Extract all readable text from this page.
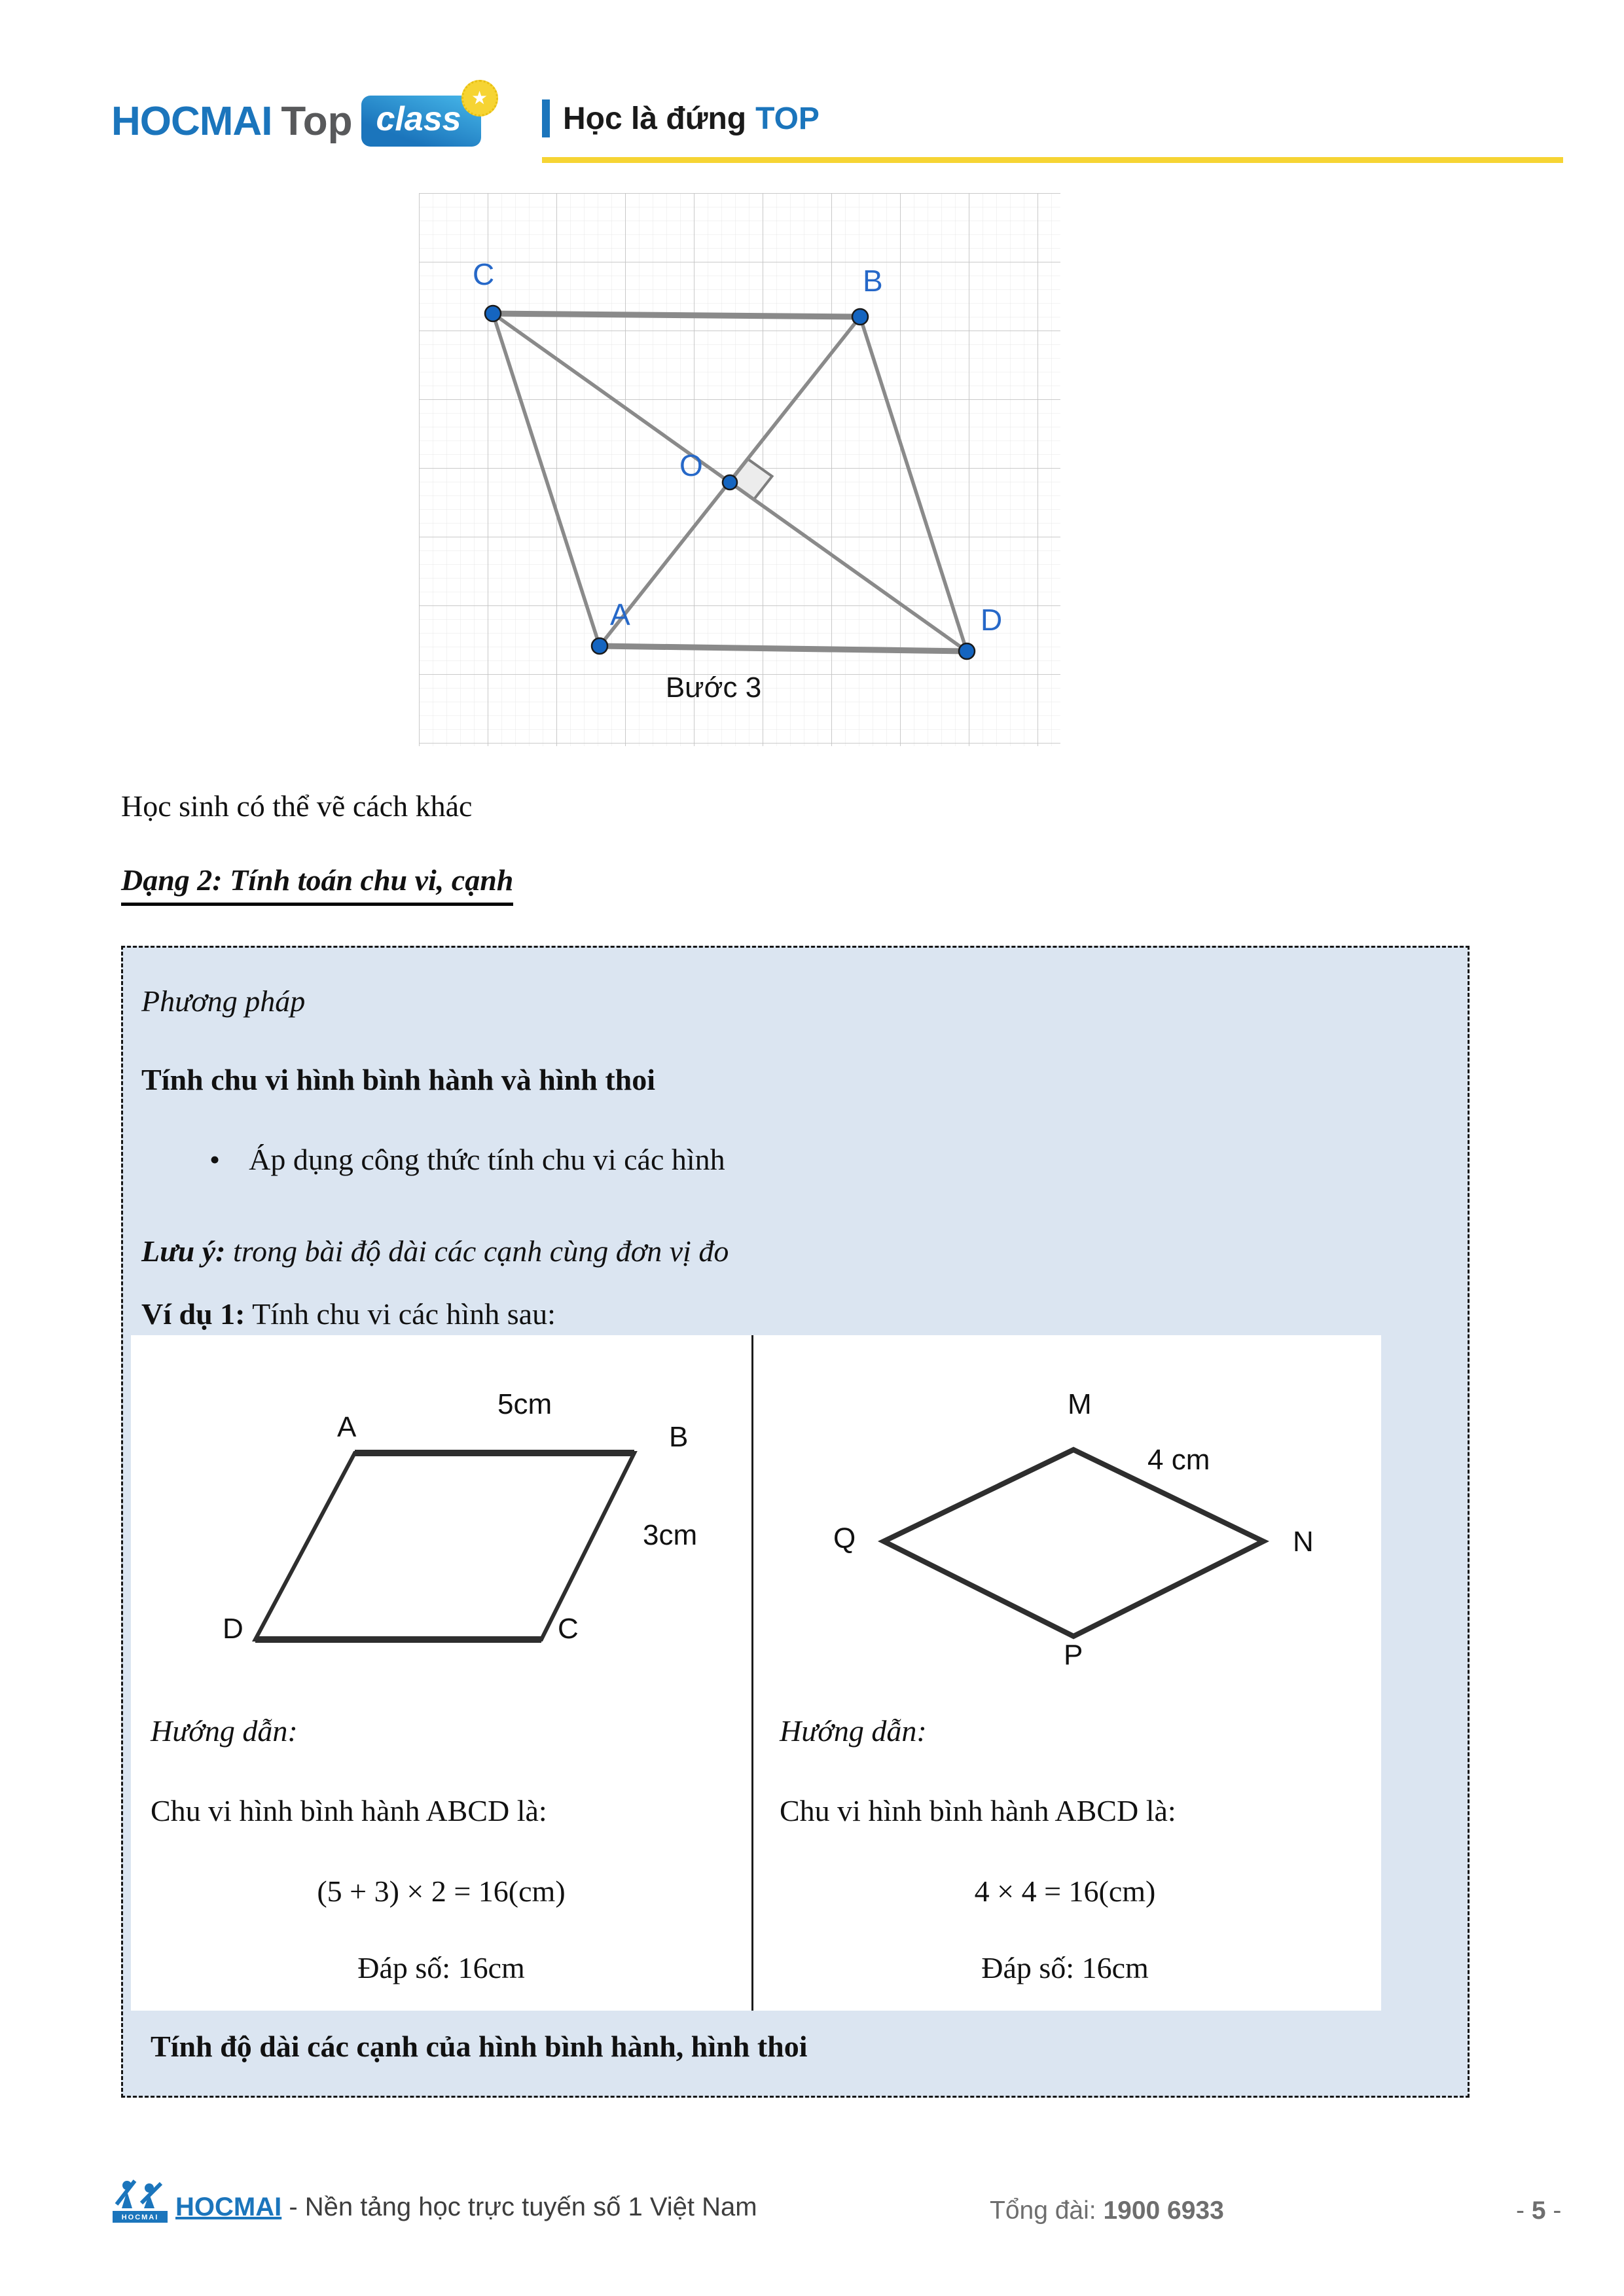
HOCMAI Top class
★
Học là đứng TOP
C	B
O
A	D
Bước 3
Học sinh có thể vẽ cách khác
Dạng 2: Tính toán chu vi, cạnh
Phương pháp
Tính chu vi hình bình hành và hình thoi
• Áp dụng công thức tính chu vi các hình
Lưu ý: trong bài độ dài các cạnh cùng đơn vị đo
Ví dụ 1: Tính chu vi các hình sau:
A
5cm
B
3cm
D	C
M
4 cm
Q	N
P
Hướng dẫn:
Chu vi hình bình hành ABCD là:
(5 + 3) × 2 = 16(cm)
Đáp số: 16cm
Hướng dẫn:
Chu vi hình bình hành ABCD là:
4 × 4 = 16(cm)
Đáp số: 16cm
Tính độ dài các cạnh của hình bình hành, hình thoi
HOCMAI HOCMAI - Nền tảng học trực tuyến số 1 Việt Nam	Tổng đài: 1900 6933	- 5 -
